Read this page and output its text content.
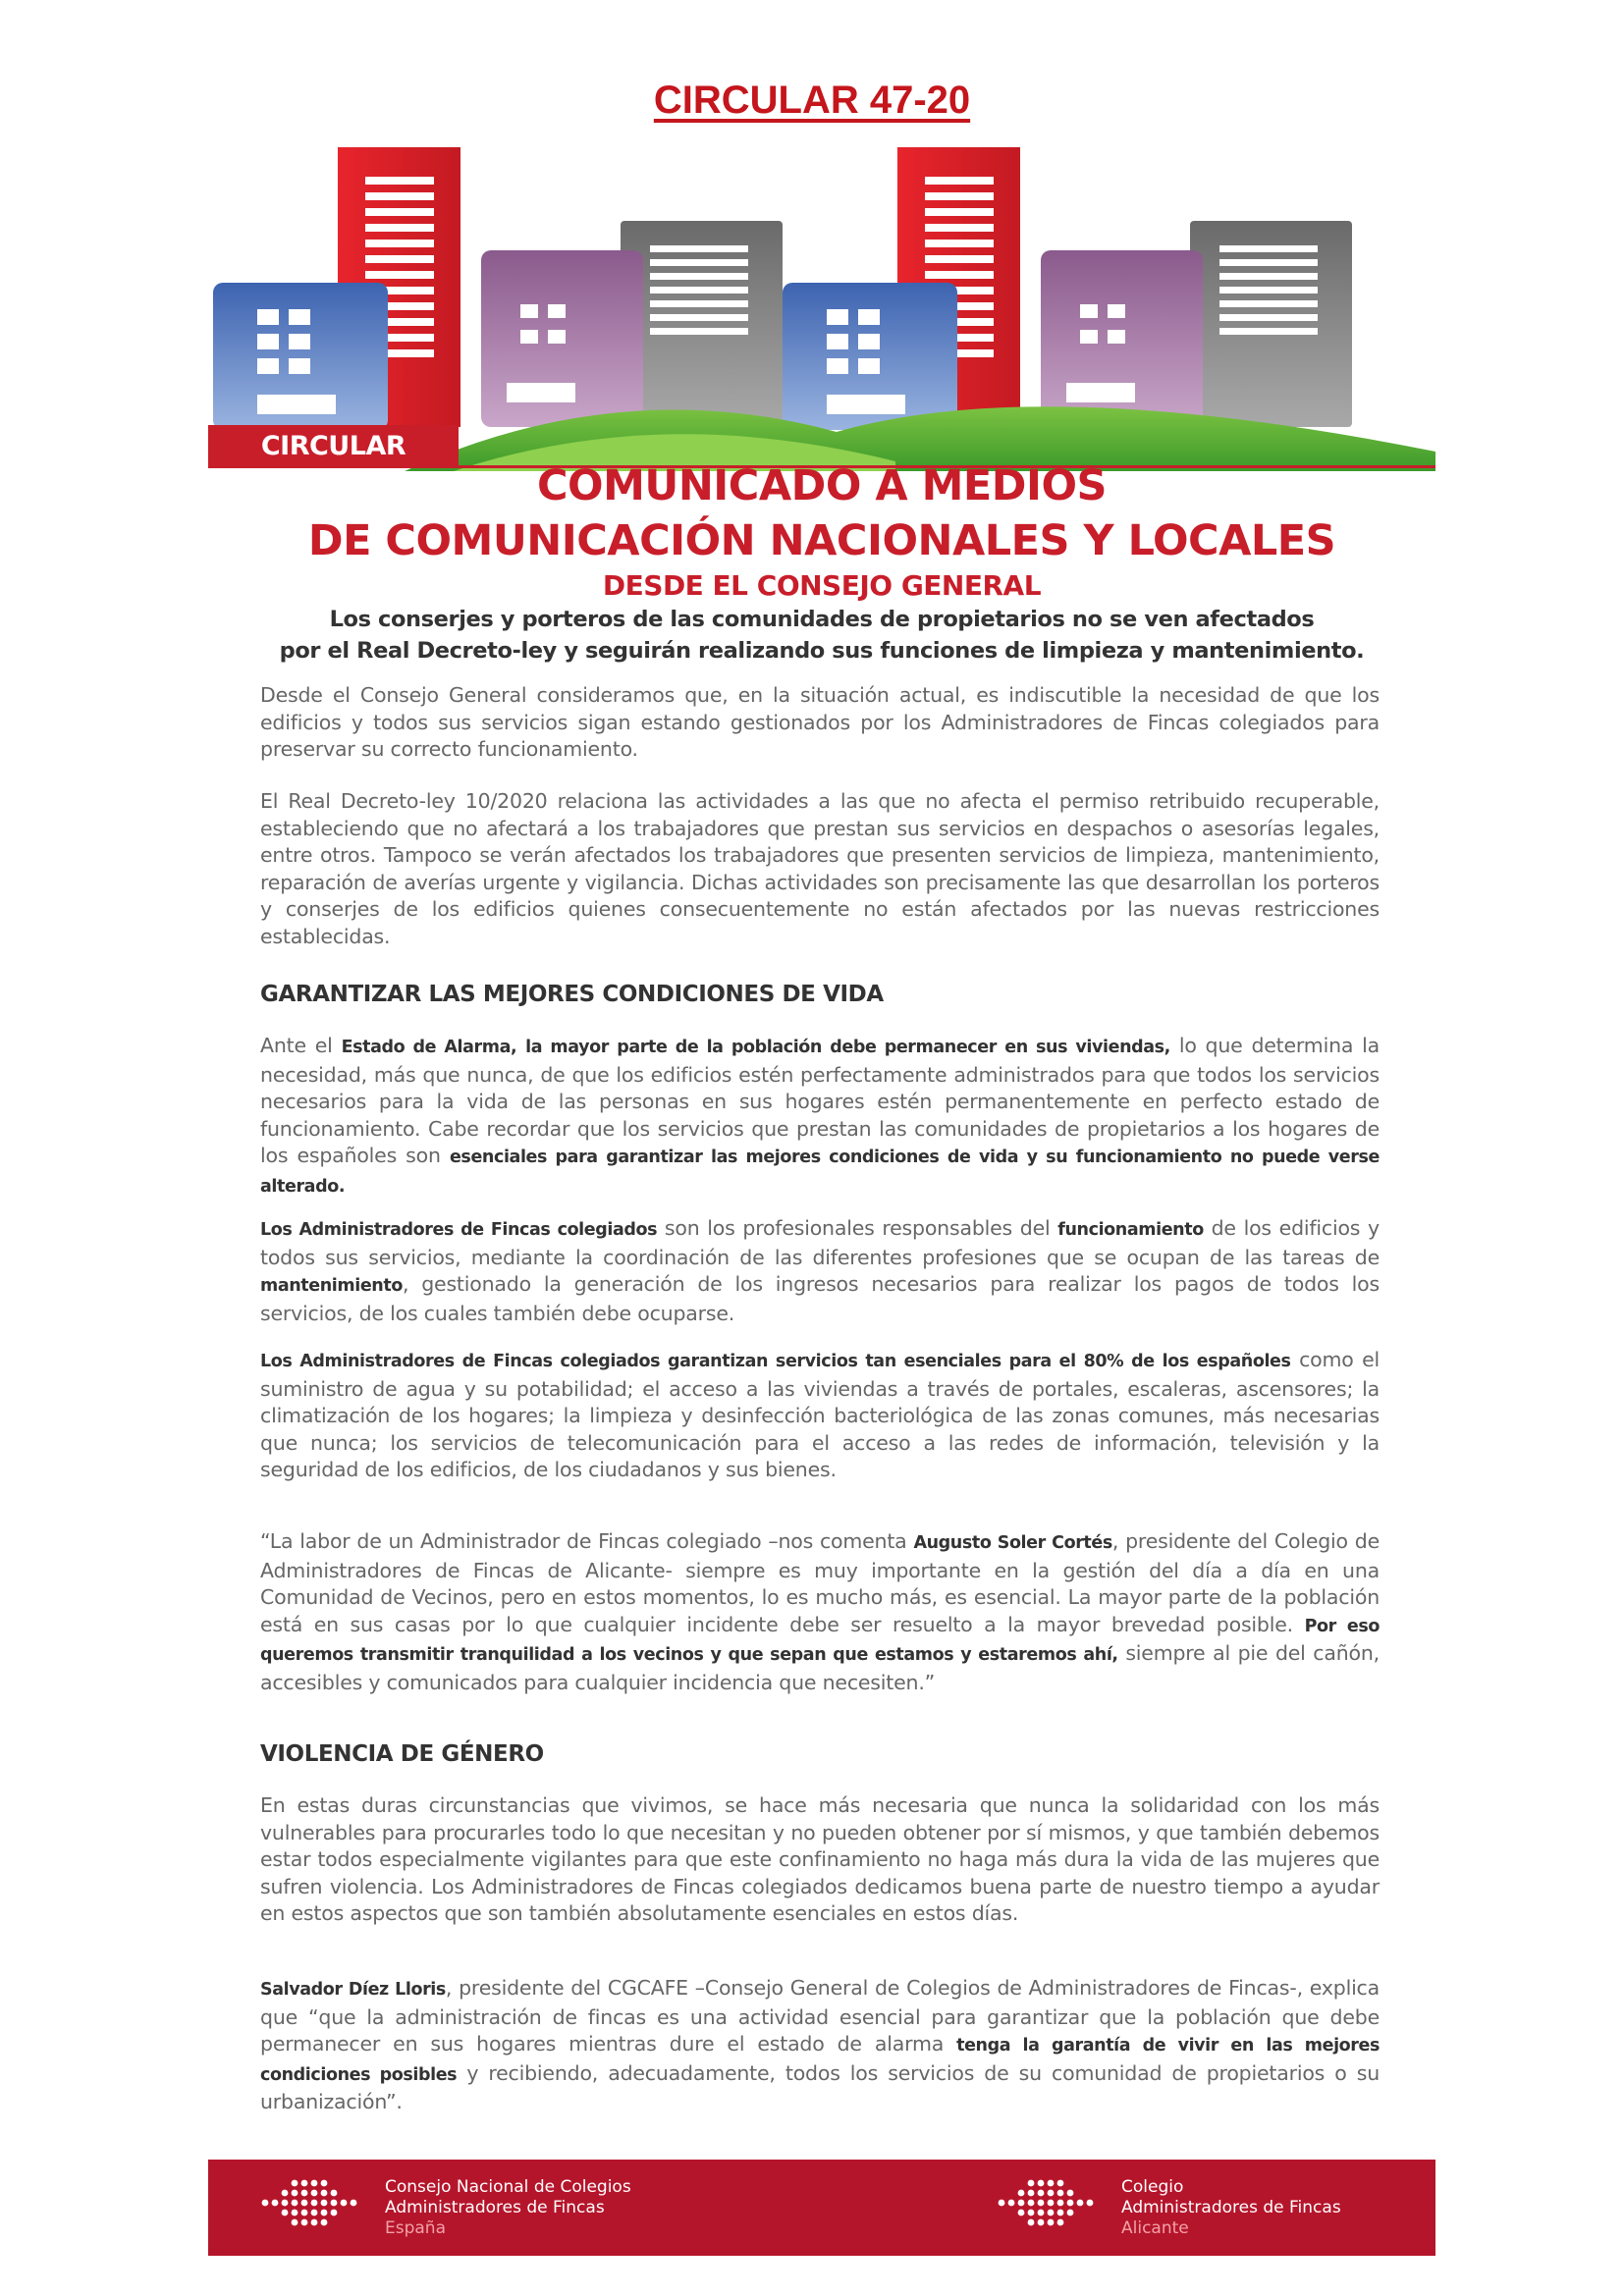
CIRCULAR 47-20
CIRCULAR
COMUNICADO A MEDIOS
DE COMUNICACIÓN NACIONALES Y LOCALES
DESDE EL CONSEJO GENERAL
Los conserjes y porteros de las comunidades de propietarios no se ven afectados
por el Real Decreto-ley y seguirán realizando sus funciones de limpieza y mantenimiento.
Desde el Consejo General consideramos que, en la situación actual, es indiscutible la necesidad de que los edificios y todos sus servicios sigan estando gestionados por los Administradores de Fincas colegiados para preservar su correcto funcionamiento.
El Real Decreto-ley 10/2020 relaciona las actividades a las que no afecta el permiso retribuido recuperable, estableciendo que no afectará a los trabajadores que prestan sus servicios en despachos o asesorías legales, entre otros. Tampoco se verán afectados los trabajadores que presenten servicios de limpieza, mantenimiento, reparación de averías urgente y vigilancia. Dichas actividades son precisamente las que desarrollan los porteros y conserjes de los edificios quienes consecuentemente no están afectados por las nuevas restricciones establecidas.
GARANTIZAR LAS MEJORES CONDICIONES DE VIDA
Ante el Estado de Alarma, la mayor parte de la población debe permanecer en sus viviendas, lo que determina la necesidad, más que nunca, de que los edificios estén perfectamente administrados para que todos los servicios necesarios para la vida de las personas en sus hogares estén permanentemente en perfecto estado de funcionamiento. Cabe recordar que los servicios que prestan las comunidades de propietarios a los hogares de los españoles son esenciales para garantizar las mejores condiciones de vida y su funcionamiento no puede verse alterado.
Los Administradores de Fincas colegiados son los profesionales responsables del funcionamiento de los edificios y todos sus servicios, mediante la coordinación de las diferentes profesiones que se ocupan de las tareas de mantenimiento, gestionado la generación de los ingresos necesarios para realizar los pagos de todos los servicios, de los cuales también debe ocuparse.
Los Administradores de Fincas colegiados garantizan servicios tan esenciales para el 80% de los españoles como el suministro de agua y su potabilidad; el acceso a las viviendas a través de portales, escaleras, ascensores; la climatización de los hogares; la limpieza y desinfección bacteriológica de las zonas comunes, más necesarias que nunca; los servicios de telecomunicación para el acceso a las redes de información, televisión y la seguridad de los edificios, de los ciudadanos y sus bienes.
“La labor de un Administrador de Fincas colegiado –nos comenta Augusto Soler Cortés, presidente del Colegio de Administradores de Fincas de Alicante- siempre es muy importante en la gestión del día a día en una Comunidad de Vecinos, pero en estos momentos, lo es mucho más, es esencial. La mayor parte de la población está en sus casas por lo que cualquier incidente debe ser resuelto a la mayor brevedad posible. Por eso queremos transmitir tranquilidad a los vecinos y que sepan que estamos y estaremos ahí, siempre al pie del cañón, accesibles y comunicados para cualquier incidencia que necesiten.”
VIOLENCIA DE GÉNERO
En estas duras circunstancias que vivimos, se hace más necesaria que nunca la solidaridad con los más vulnerables para procurarles todo lo que necesitan y no pueden obtener por sí mismos, y que también debemos estar todos especialmente vigilantes para que este confinamiento no haga más dura la vida de las mujeres que sufren violencia. Los Administradores de Fincas colegiados dedicamos buena parte de nuestro tiempo a ayudar en estos aspectos que son también absolutamente esenciales en estos días.
Salvador Díez Lloris, presidente del CGCAFE –Consejo General de Colegios de Administradores de Fincas-, explica que “que la administración de fincas es una actividad esencial para garantizar que la población que debe permanecer en sus hogares mientras dure el estado de alarma tenga la garantía de vivir en las mejores condiciones posibles y recibiendo, adecuadamente, todos los servicios de su comunidad de propietarios o su urbanización”.
Consejo Nacional de Colegios
Administradores de Fincas
España
Colegio
Administradores de Fincas
Alicante
